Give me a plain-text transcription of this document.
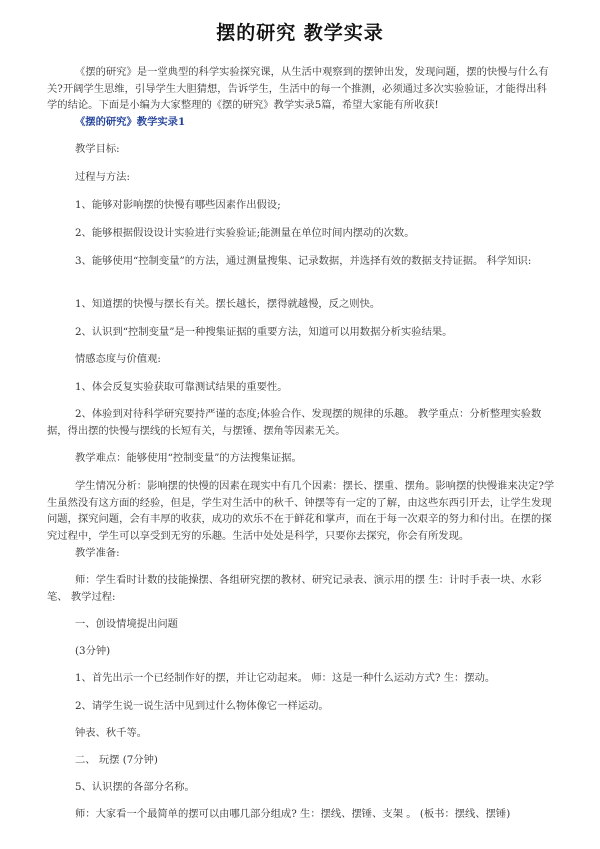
摆的研究 教学实录

《摆的研究》是一堂典型的科学实验探究课，从生活中观察到的摆钟出发，发现问题，摆的快慢与什么有关?开阔学生思维，引导学生大胆猜想，告诉学生，生活中的每一个推测，必须通过多次实验验证，才能得出科学的结论。下面是小编为大家整理的《摆的研究》教学实录5篇，希望大家能有所收获!

《摆的研究》教学实录1

教学目标:

过程与方法:

1、能够对影响摆的快慢有哪些因素作出假设;

2、能够根据假设设计实验进行实验验证;能测量在单位时间内摆动的次数。

3、能够使用“控制变量”的方法，通过测量搜集、记录数据，并选择有效的数据支持证据。 科学知识:

1、知道摆的快慢与摆长有关。摆长越长，摆得就越慢，反之则快。

2、认识到“控制变量”是一种搜集证据的重要方法，知道可以用数据分析实验结果。

情感态度与价值观:

1、体会反复实验获取可靠测试结果的重要性。

2、体验到对待科学研究要持严谨的态度;体验合作、发现摆的规律的乐趣。 教学重点：分析整理实验数据，得出摆的快慢与摆线的长短有关，与摆锤、摆角等因素无关。

教学难点：能够使用“控制变量”的方法搜集证据。

学生情况分析：影响摆的快慢的因素在现实中有几个因素：摆长、摆重、摆角。影响摆的快慢谁来决定?学生虽然没有这方面的经验，但是，学生对生活中的秋千、钟摆等有一定的了解，由这些东西引开去，让学生发现问题，探究问题，会有丰厚的收获，成功的欢乐不在于鲜花和掌声，而在于每一次艰辛的努力和付出。在摆的探究过程中，学生可以享受到无穷的乐趣。生活中处处是科学，只要你去探究，你会有所发现。

教学准备:

师：学生看时计数的技能操摆、各组研究摆的教材、研究记录表、演示用的摆 生：计时手表一块、水彩笔、 教学过程:

一、创设情境提出问题

(3分钟)

1、首先出示一个已经制作好的摆，并让它动起来。 师：这是一种什么运动方式? 生：摆动。

2、请学生说一说生活中见到过什么物体像它一样运动。

钟表、秋千等。

二、 玩摆 (7分钟)

5、认识摆的各部分名称。

师：大家看一个最简单的摆可以由哪几部分组成? 生：摆线、摆锤、支架 。 (板书：摆线、摆锤)
